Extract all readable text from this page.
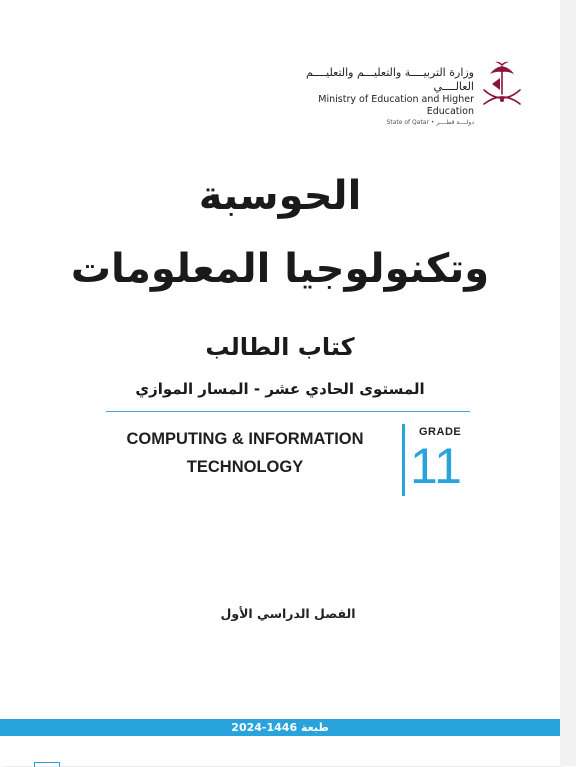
وزارة التربيــــة والتعليـــم والتعليــــم العالــــي
Ministry of Education and Higher Education
State of Qatar • دولــــة قطــــر
الحوسبة
وتكنولوجيا المعلومات
كتاب الطالب
المستوى الحادي عشر - المسار الموازي
COMPUTING & INFORMATION
TECHNOLOGY
GRADE
11
الفصل الدراسي الأول
طبعة 1446-2024
